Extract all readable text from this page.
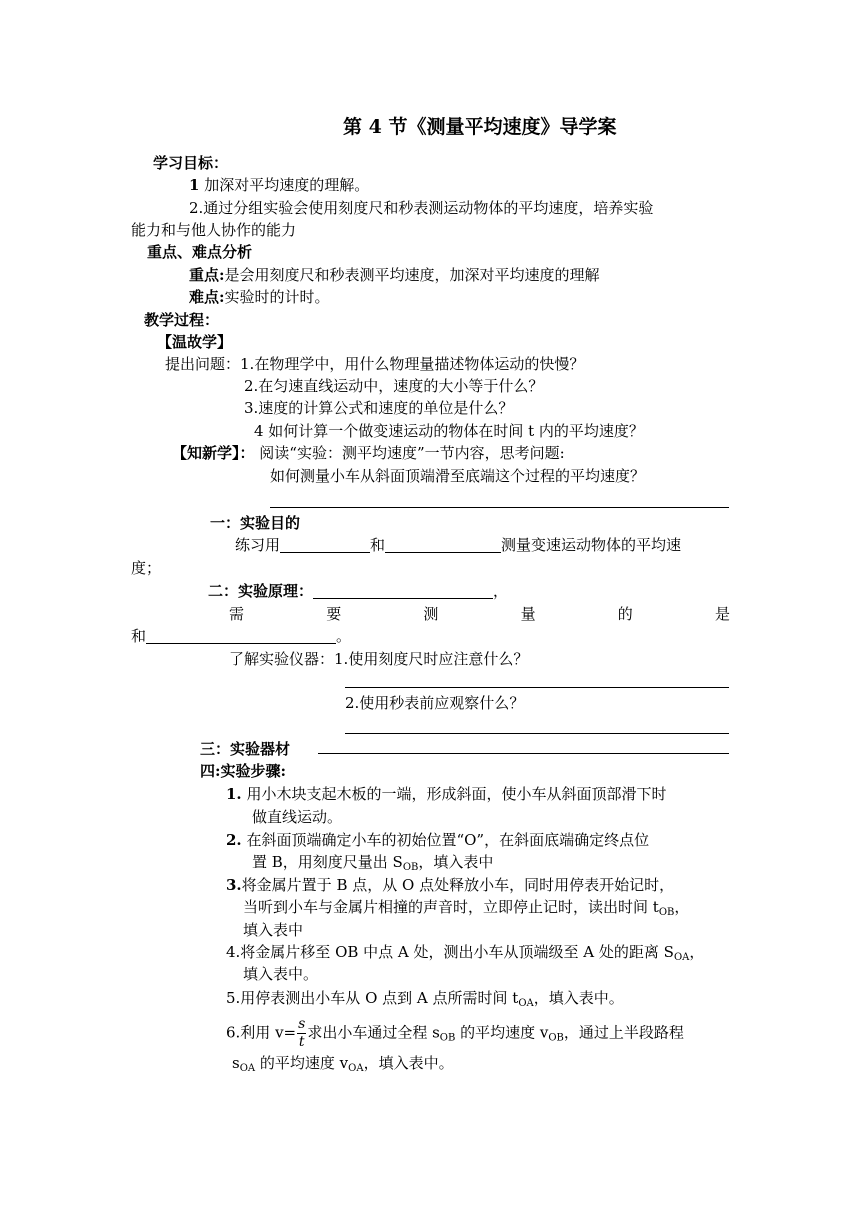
第 4 节《测量平均速度》导学案
学习目标：
1 加深对平均速度的理解。
2.通过分组实验会使用刻度尺和秒表测运动物体的平均速度，培养实验
能力和与他人协作的能力
重点、难点分析
重点:是会用刻度尺和秒表测平均速度，加深对平均速度的理解
难点:实验时的计时。
教学过程：
【温故学】
提出问题：1.在物理学中，用什么物理量描述物体运动的快慢？
2.在匀速直线运动中，速度的大小等于什么？
3.速度的计算公式和速度的单位是什么？
4 如何计算一个做变速运动的物体在时间 t 内的平均速度？
【知新学】： 阅读“实验：测平均速度”一节内容，思考问题:
如何测量小车从斜面顶端滑至底端这个过程的平均速度？
一：实验目的
练习用	和	测量变速运动物体的平均速
度；
二：实验原理：	，
需	要	测	量	的	是
和	。
了解实验仪器：1.使用刻度尺时应注意什么？
2.使用秒表前应观察什么？
三：实验器材
四:实验步骤:
1. 用小木块支起木板的一端，形成斜面，使小车从斜面顶部滑下时
做直线运动。
2. 在斜面顶端确定小车的初始位置“O”，在斜面底端确定终点位
置 B，用刻度尺量出 $S_{OB}$，填入表中
3.将金属片置于 B 点，从 O 点处释放小车，同时用停表开始记时，
当听到小车与金属片相撞的声音时，立即停止记时，读出时间 $t_{OB}$，
填入表中
4.将金属片移至 OB 中点 A 处，测出小车从顶端级至 A 处的距离 $S_{OA}$，
填入表中。
5.用停表测出小车从 O 点到 A 点所需时间 $t_{OA}$，填入表中。
6.利用 $v= \frac{s}{t}$ 求出小车通过全程 $s_{OB}$ 的平均速度 $v_{OB}$，通过上半段路程
$s_{OA}$ 的平均速度 $v_{OA}$，填入表中。
